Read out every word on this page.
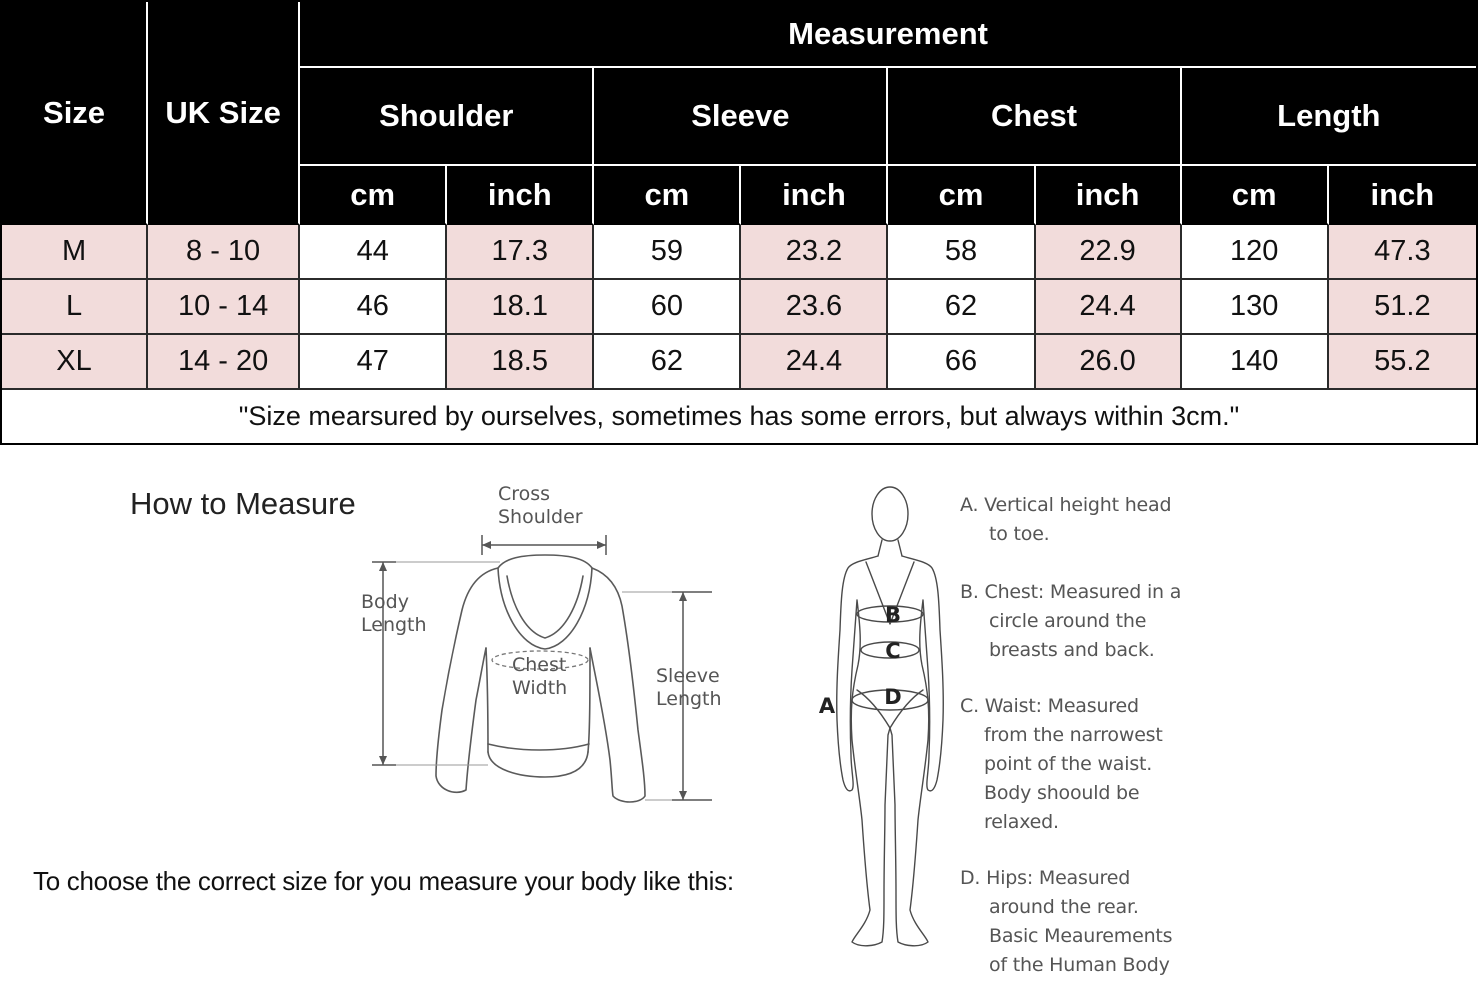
Size	UK Size	Measurement							
		Shoulder		Sleeve		Chest		Length	
		cm	inch	cm	inch	cm	inch	cm	inch
M	8 - 10	44	17.3	59	23.2	58	22.9	120	47.3
L	10 - 14	46	18.1	60	23.6	62	24.4	130	51.2
XL	14 - 20	47	18.5	62	24.4	66	26.0	140	55.2
"Size mearsured by ourselves, sometimes has some errors, but always within 3cm."									
How to Measure
To choose the correct size for you measure your body like this:
Cross
Shoulder
Body
Length
Chest
Width
Sleeve
Length	A
B
C
D
A. Vertical height head
to toe.
B. Chest: Measured in a
circle around the
breasts and back.
C. Waist: Measured
from the narrowest
point of the waist.
Body shoould be
relaxed.
D. Hips: Measured
around the rear.
Basic Meaurements
of the Human Body
